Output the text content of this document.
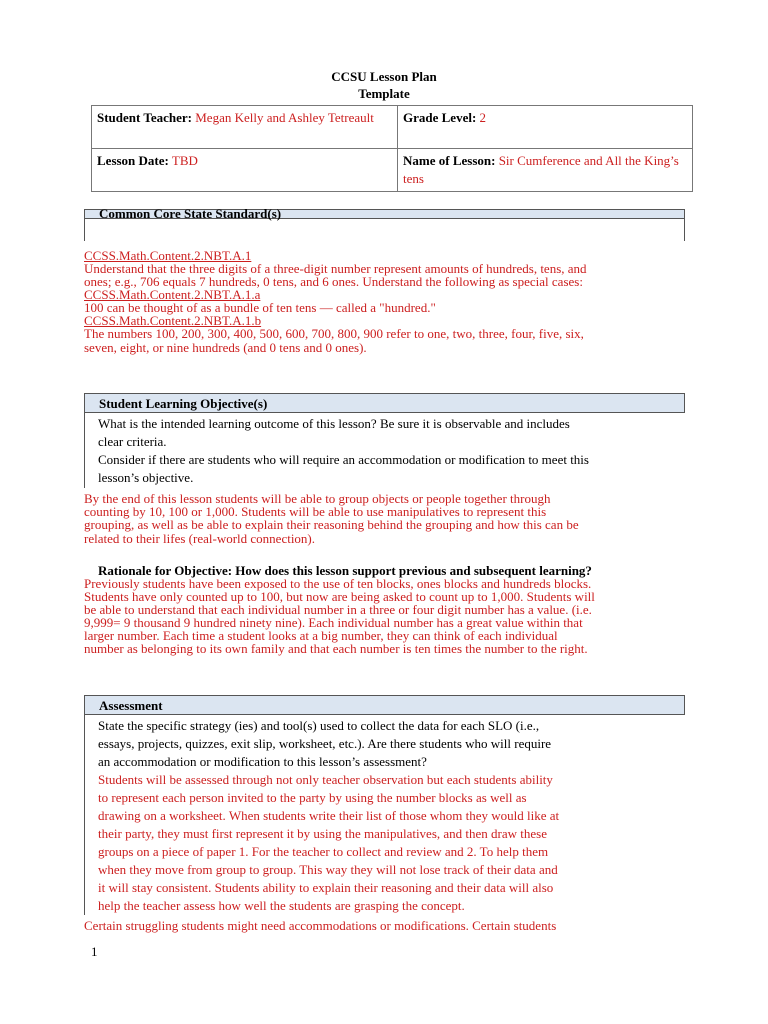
CCSU Lesson Plan
Template
Student Teacher: Megan Kelly and Ashley Tetreault	Grade Level: 2
Lesson Date: TBD	Name of Lesson: Sir Cumference and All the King’s tens
Common Core State Standard(s)
CCSS.Math.Content.2.NBT.A.1
Understand that the three digits of a three-digit number represent amounts of hundreds, tens, and
ones; e.g., 706 equals 7 hundreds, 0 tens, and 6 ones. Understand the following as special cases:
CCSS.Math.Content.2.NBT.A.1.a
100 can be thought of as a bundle of ten tens — called a "hundred."
CCSS.Math.Content.2.NBT.A.1.b
The numbers 100, 200, 300, 400, 500, 600, 700, 800, 900 refer to one, two, three, four, five, six,
seven, eight, or nine hundreds (and 0 tens and 0 ones).
Student Learning Objective(s)
What is the intended learning outcome of this lesson? Be sure it is observable and includes
clear criteria.
Consider if there are students who will require an accommodation or modification to meet this
lesson’s objective.
By the end of this lesson students will be able to group objects or people together through
counting by 10, 100 or 1,000. Students will be able to use manipulatives to represent this
grouping, as well as be able to explain their reasoning behind the grouping and how this can be
related to their lifes (real-world connection).
Rationale for Objective: How does this lesson support previous and subsequent learning?
Previously students have been exposed to the use of ten blocks, ones blocks and hundreds blocks.
Students have only counted up to 100, but now are being asked to count up to 1,000. Students will
be able to understand that each individual number in a three or four digit number has a value. (i.e.
9,999= 9 thousand 9 hundred ninety nine). Each individual number has a great value within that
larger number. Each time a student looks at a big number, they can think of each individual
number as belonging to its own family and that each number is ten times the number to the right.
Assessment
State the specific strategy (ies) and tool(s) used to collect the data for each SLO (i.e.,
essays, projects, quizzes, exit slip, worksheet, etc.). Are there students who will require
an accommodation or modification to this lesson’s assessment?
Students will be assessed through not only teacher observation but each students ability
to represent each person invited to the party by using the number blocks as well as
drawing on a worksheet. When students write their list of those whom they would like at
their party, they must first represent it by using the manipulatives, and then draw these
groups on a piece of paper 1. For the teacher to collect and review and 2. To help them
when they move from group to group. This way they will not lose track of their data and
it will stay consistent. Students ability to explain their reasoning and their data will also
help the teacher assess how well the students are grasping the concept.
Certain struggling students might need accommodations or modifications. Certain students
1
